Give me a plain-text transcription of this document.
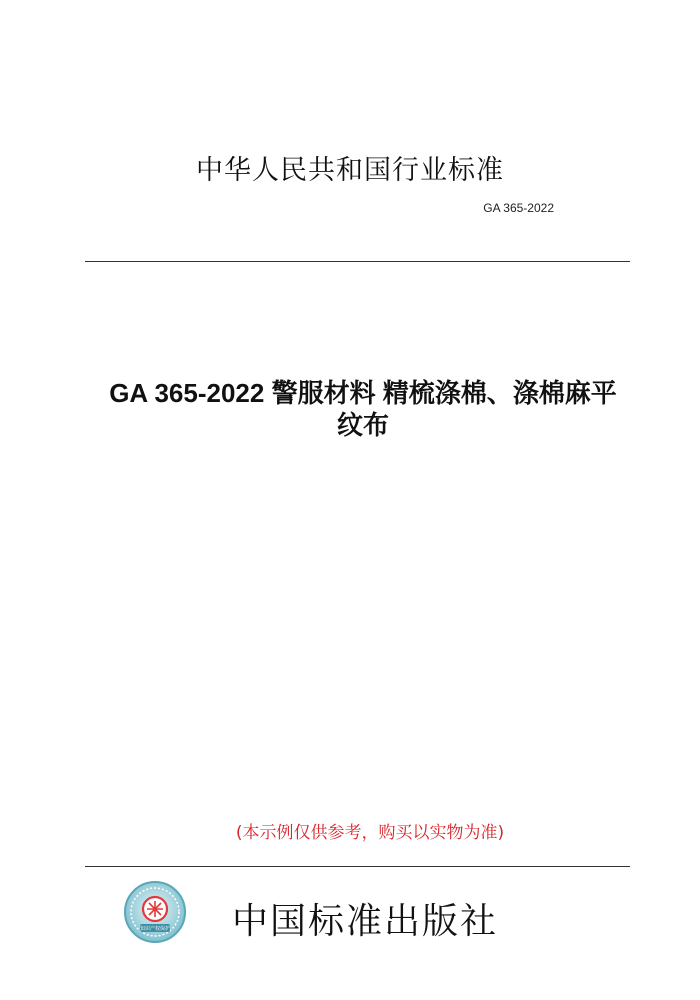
中华人民共和国行业标准
GA 365-2022
GA 365-2022 警服材料 精梳涤棉、涤棉麻平
纹布
(本示例仅供参考，购买以实物为准)
知识产权保护 中国标准出版社
